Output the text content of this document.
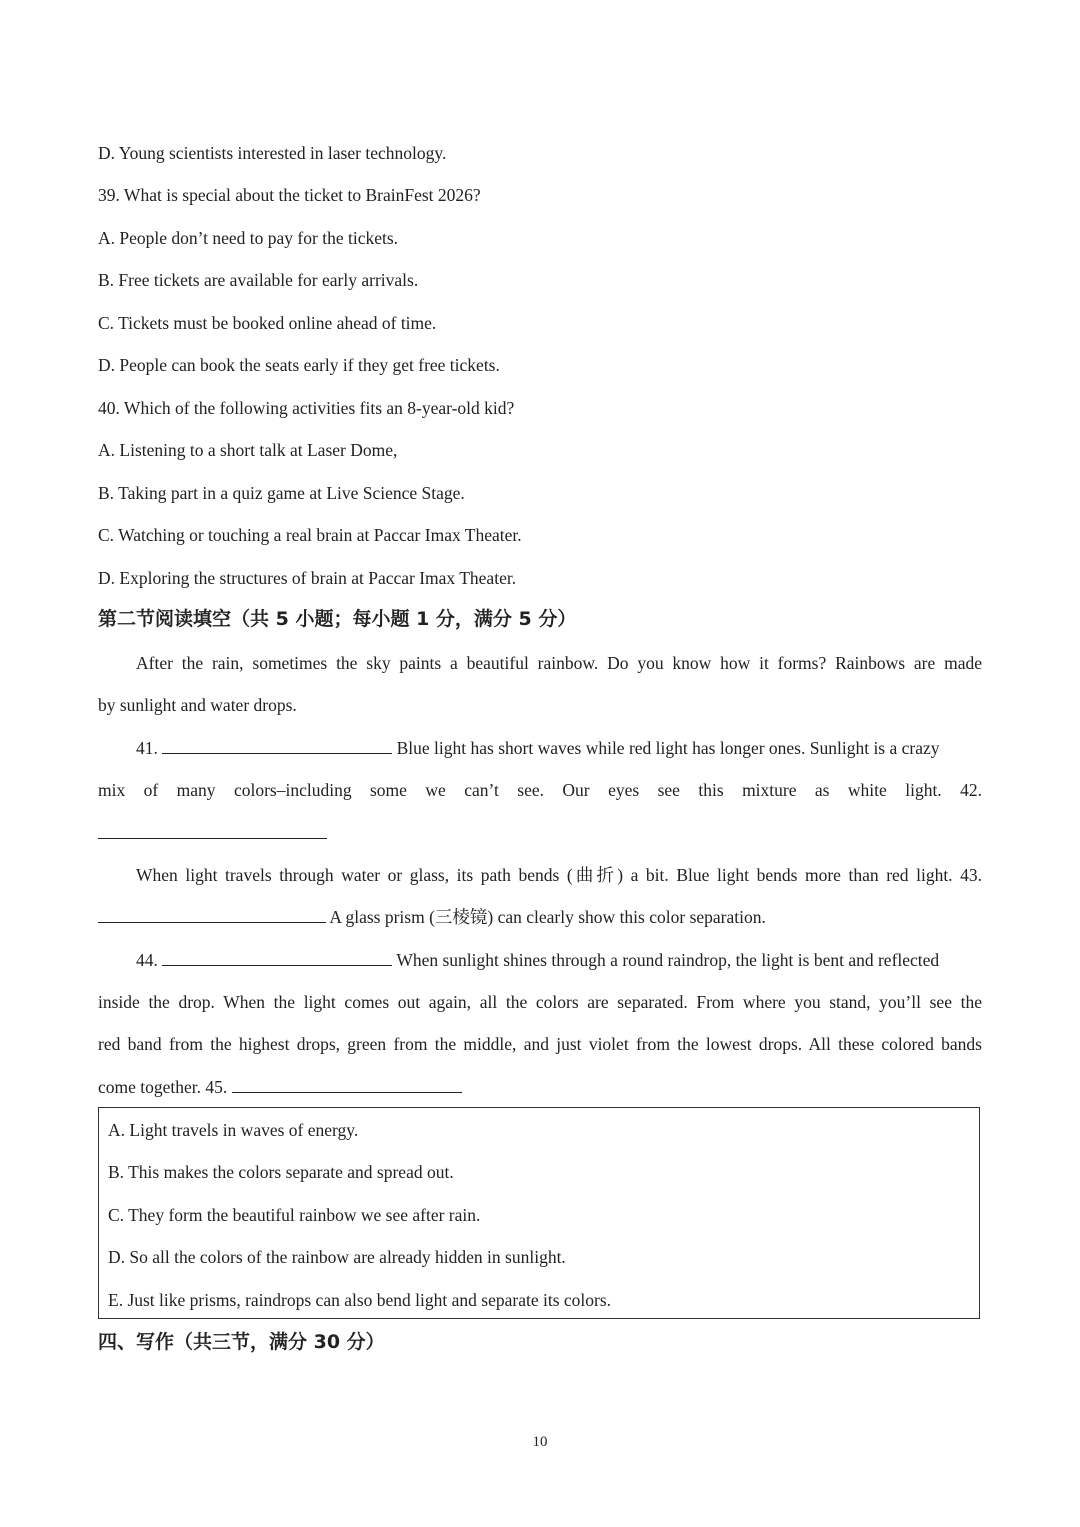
D. Young scientists interested in laser technology.
39. What is special about the ticket to BrainFest 2026?
A. People don’t need to pay for the tickets.
B. Free tickets are available for early arrivals.
C. Tickets must be booked online ahead of time.
D. People can book the seats early if they get free tickets.
40. Which of the following activities fits an 8-year-old kid?
A. Listening to a short talk at Laser Dome,
B. Taking part in a quiz game at Live Science Stage.
C. Watching or touching a real brain at Paccar Imax Theater.
D. Exploring the structures of brain at Paccar Imax Theater.
第二节阅读填空（共 5 小题；每小题 1 分，满分 5 分）
After the rain, sometimes the sky paints a beautiful rainbow. Do you know how it forms? Rainbows are made
by sunlight and water drops.
41.	Blue light has short waves while red light has longer ones. Sunlight is a crazy
mix of many colors–including some we can’t see. Our eyes see this mixture as white light. 42.
When light travels through water or glass, its path bends (曲折) a bit. Blue light bends more than red light. 43.
A glass prism (三棱镜) can clearly show this color separation.
44.	When sunlight shines through a round raindrop, the light is bent and reflected
inside the drop. When the light comes out again, all the colors are separated. From where you stand, you’ll see the
red band from the highest drops, green from the middle, and just violet from the lowest drops. All these colored bands
come together. 45.
A. Light travels in waves of energy.
B. This makes the colors separate and spread out.
C. They form the beautiful rainbow we see after rain.
D. So all the colors of the rainbow are already hidden in sunlight.
E. Just like prisms, raindrops can also bend light and separate its colors.
四、写作（共三节，满分 30 分）
10
